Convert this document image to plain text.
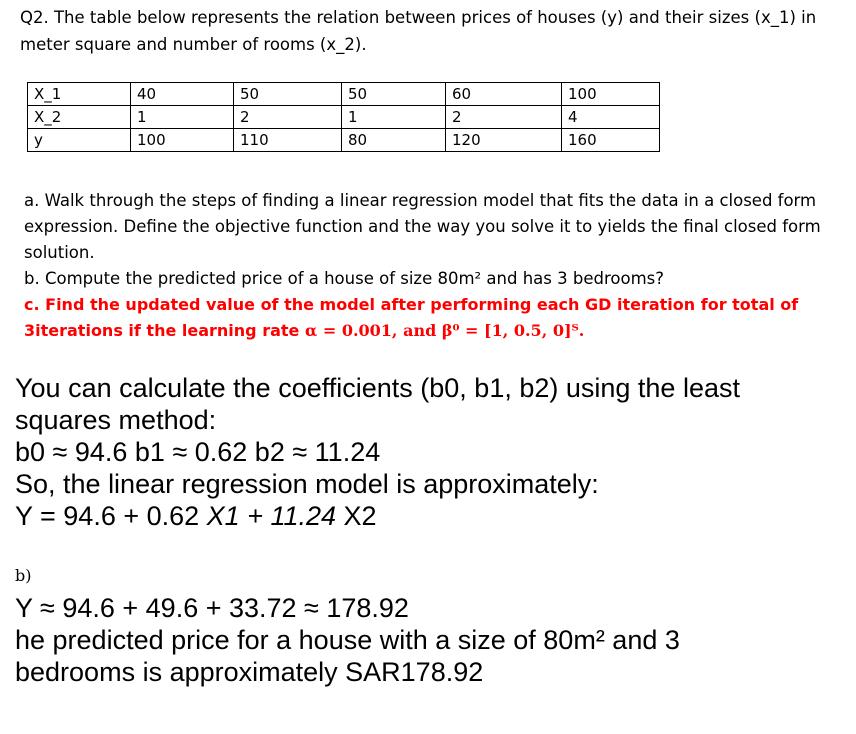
Q2. The table below represents the relation between prices of houses (y) and their sizes (x_1) in
meter square and number of rooms (x_2).
X_1	40	50	50	60	100
X_2	1	2	1	2	4
y	100	110	80	120	160
a. Walk through the steps of finding a linear regression model that fits the data in a closed form expression. Define the objective function and the way you solve it to yields the final closed form solution.
b. Compute the predicted price of a house of size 80m² and has 3 bedrooms?
c. Find the updated value of the model after performing each GD iteration for total of 3iterations if the learning rate α = 0.001, and β⁰ = [1, 0.5, 0]ᵀ.
You can calculate the coefficients (b0, b1, b2) using the least
squares method:
b0 ≈ 94.6 b1 ≈ 0.62 b2 ≈ 11.24
So, the linear regression model is approximately:
Y = 94.6 + 0.62 X1 + 11.24 X2
b)
Y ≈ 94.6 + 49.6 + 33.72 ≈ 178.92
he predicted price for a house with a size of 80m² and 3
bedrooms is approximately SAR178.92
